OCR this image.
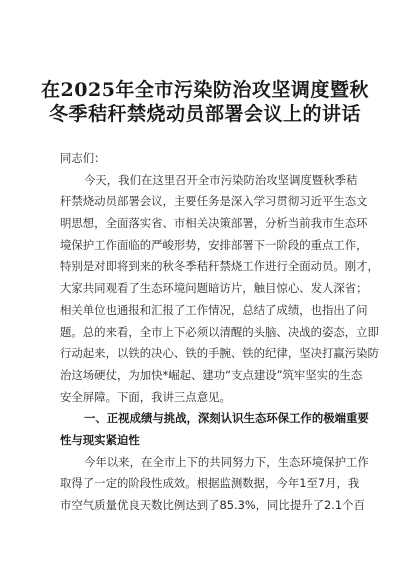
在2025年全市污染防治攻坚调度暨秋
冬季秸秆禁烧动员部署会议上的讲话
同志们：
今天，我们在这里召开全市污染防治攻坚调度暨秋季秸
秆禁烧动员部署会议，主要任务是深入学习贯彻习近平生态文
明思想，全面落实省、市相关决策部署，分析当前我市生态环
境保护工作面临的严峻形势，安排部署下一阶段的重点工作，
特别是对即将到来的秋冬季秸秆禁烧工作进行全面动员。刚才，
大家共同观看了生态环境问题暗访片，触目惊心、发人深省；
相关单位也通报和汇报了工作情况，总结了成绩，也指出了问
题。总的来看，全市上下必须以清醒的头脑、决战的姿态，立即
行动起来，以铁的决心、铁的手腕、铁的纪律，坚决打赢污染防
治这场硬仗，为加快*崛起、建功“支点建设”筑牢坚实的生态
安全屏障。下面，我讲三点意见。
一、正视成绩与挑战，深刻认识生态环保工作的极端重要
性与现实紧迫性
今年以来，在全市上下的共同努力下，生态环境保护工作
取得了一定的阶段性成效。根据监测数据，今年1至7月，我
市空气质量优良天数比例达到了85.3%，同比提升了2.1个百
